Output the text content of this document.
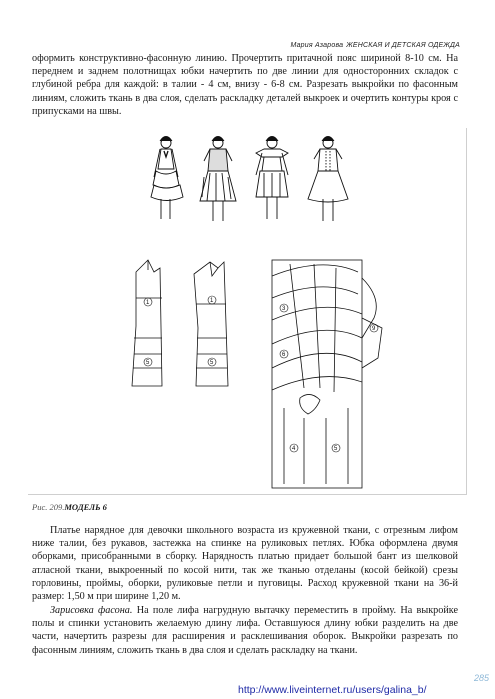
Мария Азарова ЖЕНСКАЯ И ДЕТСКАЯ ОДЕЖДА

оформить конструктивно-фасонную линию. Прочертить притачной пояс шириной 8-10 см. На переднем и заднем полотнищах юбки начертить по две линии для односторонних складок с глубиной ребра для каждой: в талии - 4 см, внизу - 6-8 см. Разрезать выкройки по фасонным линиям, сложить ткань в два слоя, сделать раскладку деталей выкроек и очертить контуры кроя с припусками на швы.

1	1
5	5
3
6
9
4	5
Рис. 209.МОДЕЛЬ 6

Платье нарядное для девочки школьного возраста из кружевной ткани, с отрезным лифом ниже талии, без рукавов, застежка на спинке на руликовых петлях. Юбка оформлена двумя оборками, присобранными в сборку. Нарядность платью придает большой бант из шелковой атласной ткани, выкроенный по косой нити, так же тканью отделаны (косой бейкой) срезы горловины, проймы, оборки, руликовые петли и пуговицы. Расход кружевной ткани на 36-й размер: 1,50 м при ширине 1,20 м.

Зарисовка фасона. На поле лифа нагрудную вытачку переместить в пройму. На выкройке полы и спинки установить желаемую длину лифа. Оставшуюся длину юбки разделить на две части, начертить разрезы для расширения и расклешивания оборок. Выкройки разрезать по фасонным линиям, сложить ткань в два слоя и сделать раскладку на ткани.

http://www.liveinternet.ru/users/galina_b/
285
